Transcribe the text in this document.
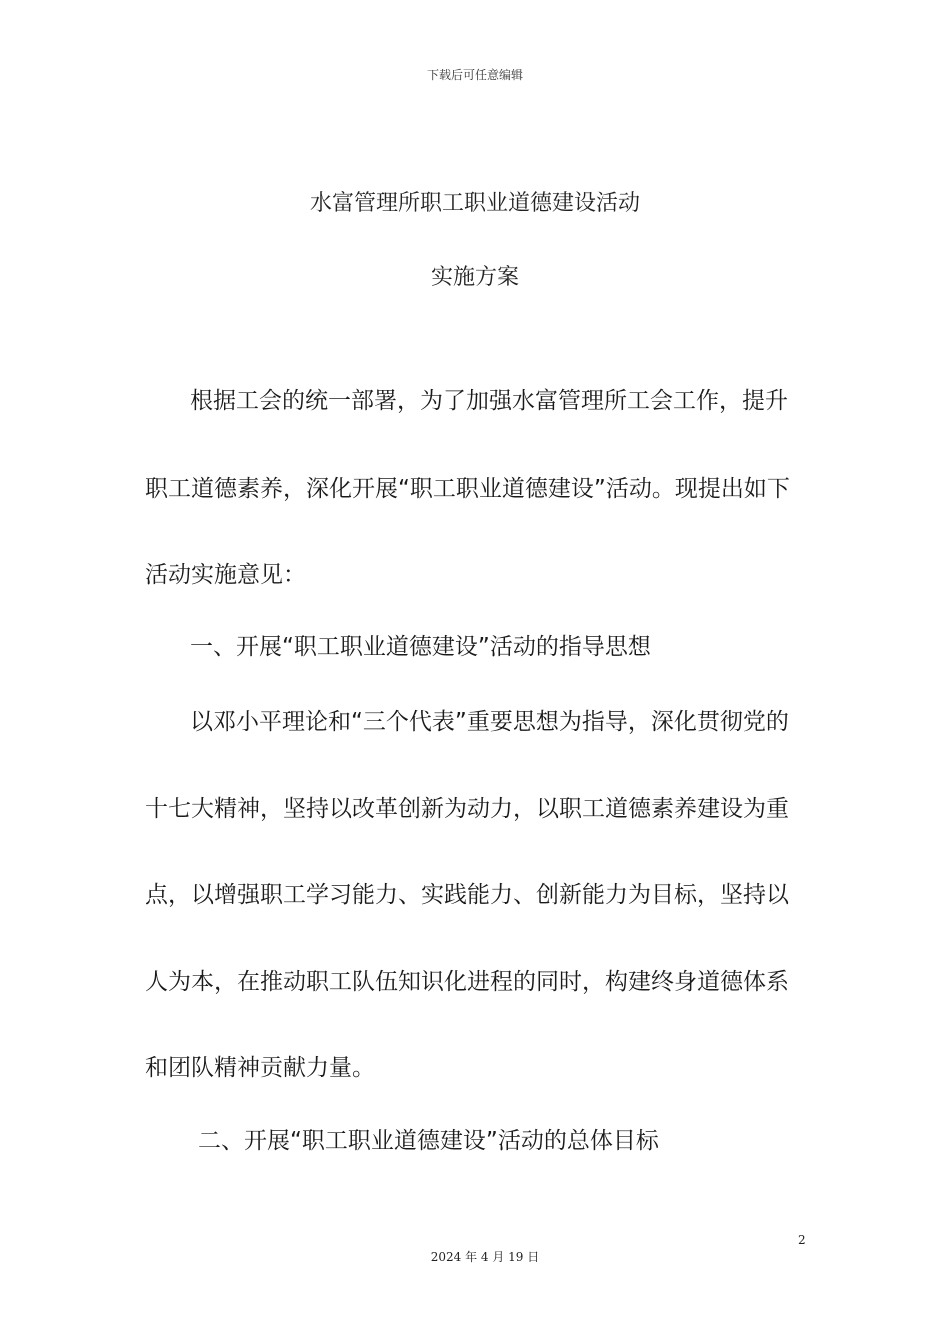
下载后可任意编辑
水富管理所职工职业道德建设活动
实施方案
根据工会的统一部署，为了加强水富管理所工会工作，提升
职工道德素养，深化开展“职工职业道德建设”活动。现提出如下
活动实施意见：
一、开展“职工职业道德建设”活动的指导思想
以邓小平理论和“三个代表”重要思想为指导，深化贯彻党的
十七大精神，坚持以改革创新为动力，以职工道德素养建设为重
点，以增强职工学习能力、实践能力、创新能力为目标，坚持以
人为本，在推动职工队伍知识化进程的同时，构建终身道德体系
和团队精神贡献力量。
二、开展“职工职业道德建设”活动的总体目标
2
2024 年 4 月 19 日
